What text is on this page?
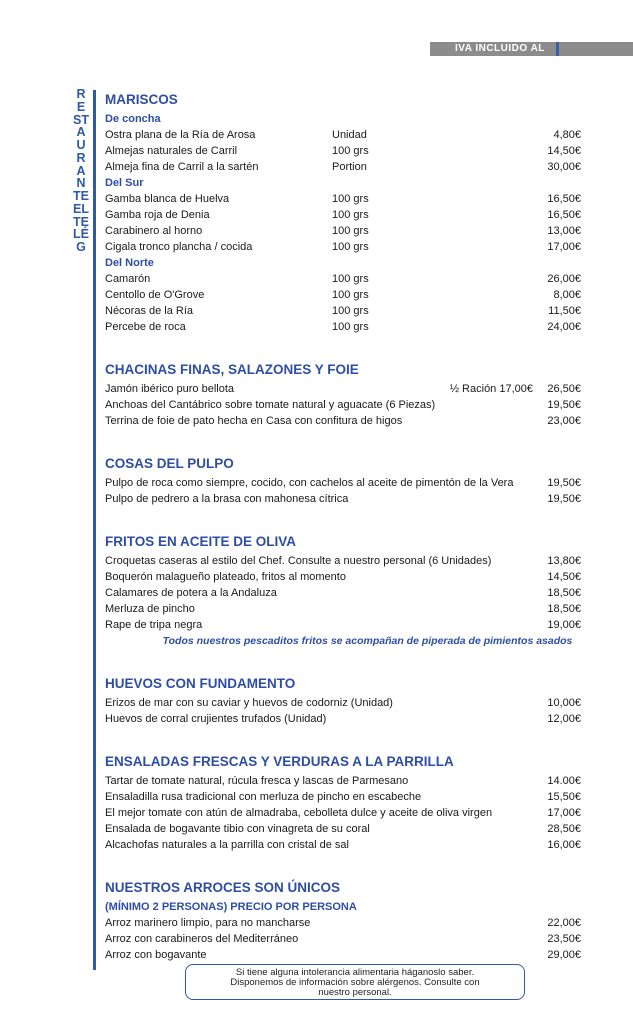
IVA INCLUIDO AL
R
E
ST
A
U
R
A
N
TE
EL
TE
LÉ
G
MARISCOS
De concha
Ostra plana de la Ría de Arosa	Unidad	4,80€
Almejas naturales de Carril	100 grs	14,50€
Almeja fina de Carril a la sartén	Portion	30,00€
Del Sur
Gamba blanca de Huelva	100 grs	16,50€
Gamba roja de Denia	100 grs	16,50€
Carabinero al horno	100 grs	13,00€
Cigala tronco plancha / cocida	100 grs	17,00€
Del Norte
Camarón	100 grs	26,00€
Centollo de O'Grove	100 grs	8,00€
Nécoras de la Ría	100 grs	11,50€
Percebe de roca	100 grs	24,00€
CHACINAS FINAS, SALAZONES Y FOIE
Jamón ibérico puro bellota	½ Ración 17,00€ 26,50€
Anchoas del Cantábrico sobre tomate natural y aguacate (6 Piezas)	19,50€
Terrina de foie de pato hecha en Casa con confitura de higos	23,00€
COSAS DEL PULPO
Pulpo de roca como siempre, cocido, con cachelos al aceite de pimentón de la Vera	19,50€
Pulpo de pedrero a la brasa con mahonesa cítrica	19,50€
FRITOS EN ACEITE DE OLIVA
Croquetas caseras al estilo del Chef. Consulte a nuestro personal (6 Unidades)	13,80€
Boquerón malagueño plateado, fritos al momento	14,50€
Calamares de potera a la Andaluza	18,50€
Merluza de pincho	18,50€
Rape de tripa negra	19,00€
Todos nuestros pescaditos fritos se acompañan de piperada de pimientos asados
HUEVOS CON FUNDAMENTO
Erizos de mar con su caviar y huevos de codorniz (Unidad)	10,00€
Huevos de corral crujientes trufados (Unidad)	12,00€
ENSALADAS FRESCAS Y VERDURAS A LA PARRILLA
Tartar de tomate natural, rúcula fresca y lascas de Parmesano	14.00€
Ensaladilla rusa tradicional con merluza de pincho en escabeche	15,50€
El mejor tomate con atún de almadraba, cebolleta dulce y aceite de oliva virgen	17,00€
Ensalada de bogavante tibio con vinagreta de su coral	28,50€
Alcachofas naturales a la parrilla con cristal de sal	16,00€
NUESTROS ARROCES SON ÚNICOS
(MÍNIMO 2 PERSONAS) PRECIO POR PERSONA
Arroz marinero limpio, para no mancharse	22,00€
Arroz con carabineros del Mediterráneo	23,50€
Arroz con bogavante	29,00€
Si tiene alguna intolerancia alimentaria háganoslo saber.
Disponemos de información sobre alérgenos. Consulte con
nuestro personal.
